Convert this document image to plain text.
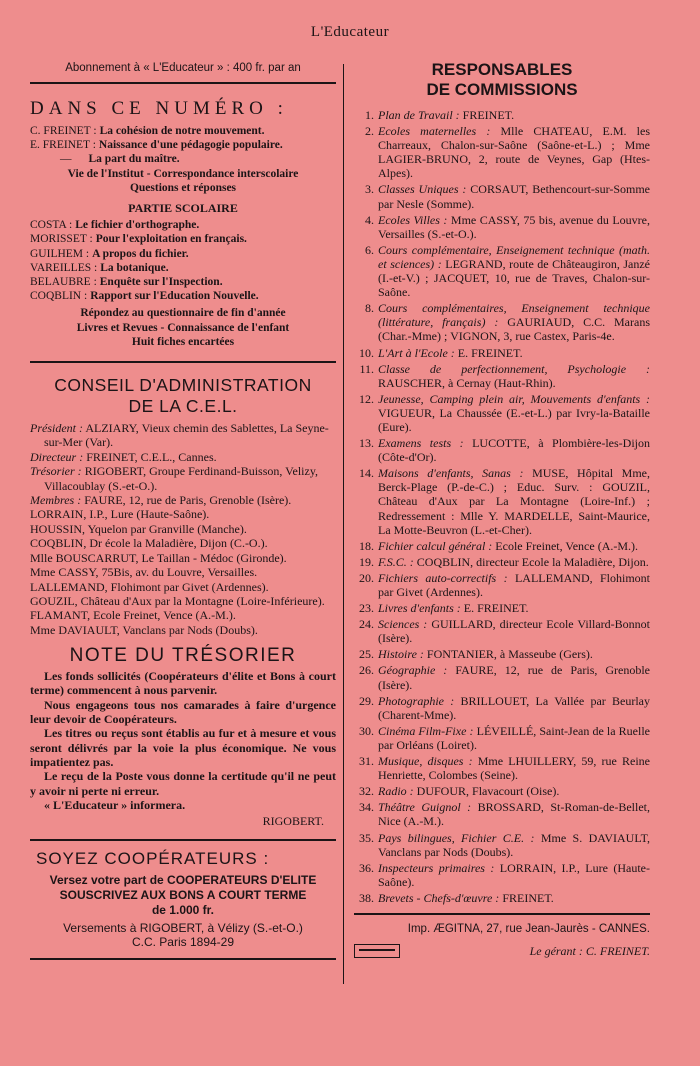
L'Educateur
Abonnement à « L'Educateur » : 400 fr. par an
DANS CE NUMÉRO :
C. FREINET : La cohésion de notre mouvement.
E. FREINET : Naissance d'une pédagogie populaire.
—	La part du maître.
Vie de l'Institut - Correspondance interscolaire
Questions et réponses
PARTIE SCOLAIRE
COSTA : Le fichier d'orthographe.
MORISSET : Pour l'exploitation en français.
GUILHEM : A propos du fichier.
VAREILLES : La botanique.
BELAUBRE : Enquête sur l'Inspection.
COQBLIN : Rapport sur l'Education Nouvelle.
Répondez au questionnaire de fin d'année
Livres et Revues - Connaissance de l'enfant
Huit fiches encartées
CONSEIL D'ADMINISTRATION
DE LA C.E.L.
Président : ALZIARY, Vieux chemin des Sablettes, La Seyne-sur-Mer (Var).
Directeur : FREINET, C.E.L., Cannes.
Trésorier : RIGOBERT, Groupe Ferdinand-Buisson, Velizy, Villacoublay (S.-et-O.).
Membres : FAURE, 12, rue de Paris, Grenoble (Isère).
LORRAIN, I.P., Lure (Haute-Saône).
HOUSSIN, Yquelon par Granville (Manche).
COQBLIN, Dr école la Maladière, Dijon (C.-O.).
Mlle BOUSCARRUT, Le Taillan - Médoc (Gironde).
Mme CASSY, 75Bis, av. du Louvre, Versailles.
LALLEMAND, Flohimont par Givet (Ardennes).
GOUZIL, Château d'Aux par la Montagne (Loire-Inférieure).
FLAMANT, Ecole Freinet, Vence (A.-M.).
Mme DAVIAULT, Vanclans par Nods (Doubs).
NOTE DU TRÉSORIER

Les fonds sollicités (Coopérateurs d'élite et Bons à court terme) commencent à nous parvenir.

Nous engageons tous nos camarades à faire d'urgence leur devoir de Coopérateurs.

Les titres ou reçus sont établis au fur et à mesure et vous seront délivrés par la voie la plus économique. Ne vous impatientez pas.

Le reçu de la Poste vous donne la certitude qu'il ne peut y avoir ni perte ni erreur.

« L'Educateur » informera.

RIGOBERT.
SOYEZ COOPÉRATEURS :
Versez votre part de COOPERATEURS D'ELITE
SOUSCRIVEZ AUX BONS A COURT TERME
de 1.000 fr.
Versements à RIGOBERT, à Vélizy (S.-et-O.)
C.C. Paris 1894-29
RESPONSABLES
DE COMMISSIONS
1. Plan de Travail : FREINET.
2. Ecoles maternelles : Mlle CHATEAU, E.M. les Charreaux, Chalon-sur-Saône (Saône-et-L.) ; Mme LAGIER-BRUNO, 2, route de Veynes, Gap (Htes-Alpes).
3. Classes Uniques : CORSAUT, Bethencourt-sur-Somme par Nesle (Somme).
4. Ecoles Villes : Mme CASSY, 75 bis, avenue du Louvre, Versailles (S.-et-O.).
6. Cours complémentaire, Enseignement technique (math. et sciences) : LEGRAND, route de Châteaugiron, Janzé (I.-et-V.) ; JACQUET, 10, rue de Traves, Chalon-sur-Saône.
8. Cours complémentaires, Enseignement technique (littérature, français) : GAURIAUD, C.C. Marans (Char.-Mme) ; VIGNON, 3, rue Castex, Paris-4e.
10. L'Art à l'Ecole : E. FREINET.
11. Classe de perfectionnement, Psychologie : RAUSCHER, à Cernay (Haut-Rhin).
12. Jeunesse, Camping plein air, Mouvements d'enfants : VIGUEUR, La Chaussée (E.-et-L.) par Ivry-la-Bataille (Eure).
13. Examens tests : LUCOTTE, à Plombière-les-Dijon (Côte-d'Or).
14. Maisons d'enfants, Sanas : MUSE, Hôpital Mme, Berck-Plage (P.-de-C.) ; Educ. Surv. : GOUZIL, Château d'Aux par La Montagne (Loire-Inf.) ; Redressement : Mlle Y. MARDELLE, Saint-Maurice, La Motte-Beuvron (L.-et-Cher).
18. Fichier calcul général : Ecole Freinet, Vence (A.-M.).
19. F.S.C. : COQBLIN, directeur Ecole la Maladière, Dijon.
20. Fichiers auto-correctifs : LALLEMAND, Flohimont par Givet (Ardennes).
23. Livres d'enfants : E. FREINET.
24. Sciences : GUILLARD, directeur Ecole Villard-Bonnot (Isère).
25. Histoire : FONTANIER, à Masseube (Gers).
26. Géographie : FAURE, 12, rue de Paris, Grenoble (Isère).
29. Photographie : BRILLOUET, La Vallée par Beurlay (Charent-Mme).
30. Cinéma Film-Fixe : LÉVEILLÉ, Saint-Jean de la Ruelle par Orléans (Loiret).
31. Musique, disques : Mme LHUILLERY, 59, rue Reine Henriette, Colombes (Seine).
32. Radio : DUFOUR, Flavacourt (Oise).
34. Théâtre Guignol : BROSSARD, St-Roman-de-Bellet, Nice (A.-M.).
35. Pays bilingues, Fichier C.E. : Mme S. DAVIAULT, Vanclans par Nods (Doubs).
36. Inspecteurs primaires : LORRAIN, I.P., Lure (Haute-Saône).
38. Brevets - Chefs-d'œuvre : FREINET.
Imp. ÆGITNA, 27, rue Jean-Jaurès - CANNES.
Le gérant : C. FREINET.
